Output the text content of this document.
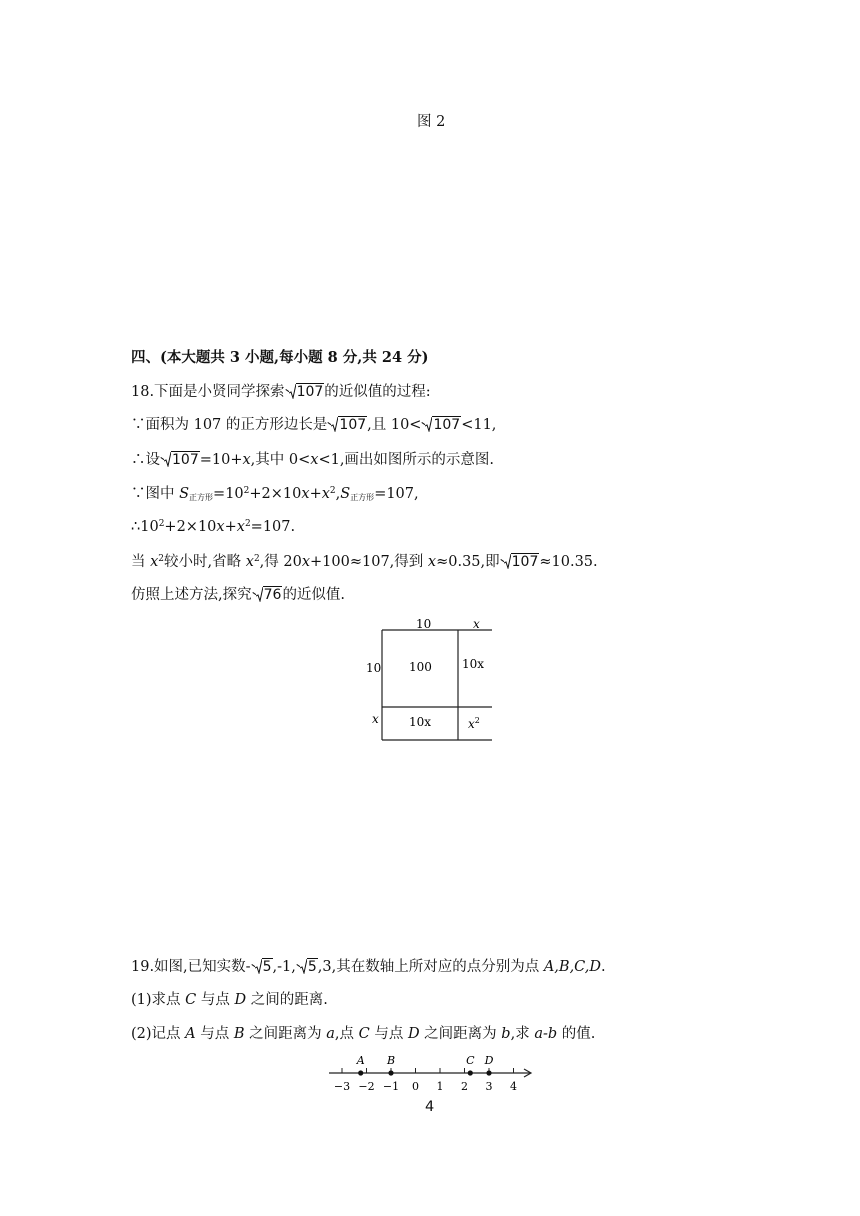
图 2
四、(本大题共 3 小题,每小题 8 分,共 24 分)
18.下面是小贤同学探索 107的近似值的过程:
∵面积为 107 的正方形边长是 107,且 10< 107<11,
∴设 107=10+x,其中 0<x<1,画出如图所示的示意图.
∵图中 $S_{正方形}=10^2+2\times 10x+x^2,S_{正方形}=107$,
$\therefore 10^2+2\times 10x+x^2=107$.
当 $x^2$较小时,省略 $x^2$,得 20x+100≈107,得到 x≈0.35,即 107≈10.35.
仿照上述方法,探究 76的近似值.
10	x
10
x
100	10x
10x	$x^2$
19.如图,已知实数- 5,-1, 5,3,其在数轴上所对应的点分别为点 A,B,C,D.
(1)求点 C 与点 D 之间的距离.
(2)记点 A 与点 B 之间距离为 a,点 C 与点 D 之间距离为 b,求 a-b 的值.
−3 −2 −1 0 1 2 3 4
A B	C D
4
